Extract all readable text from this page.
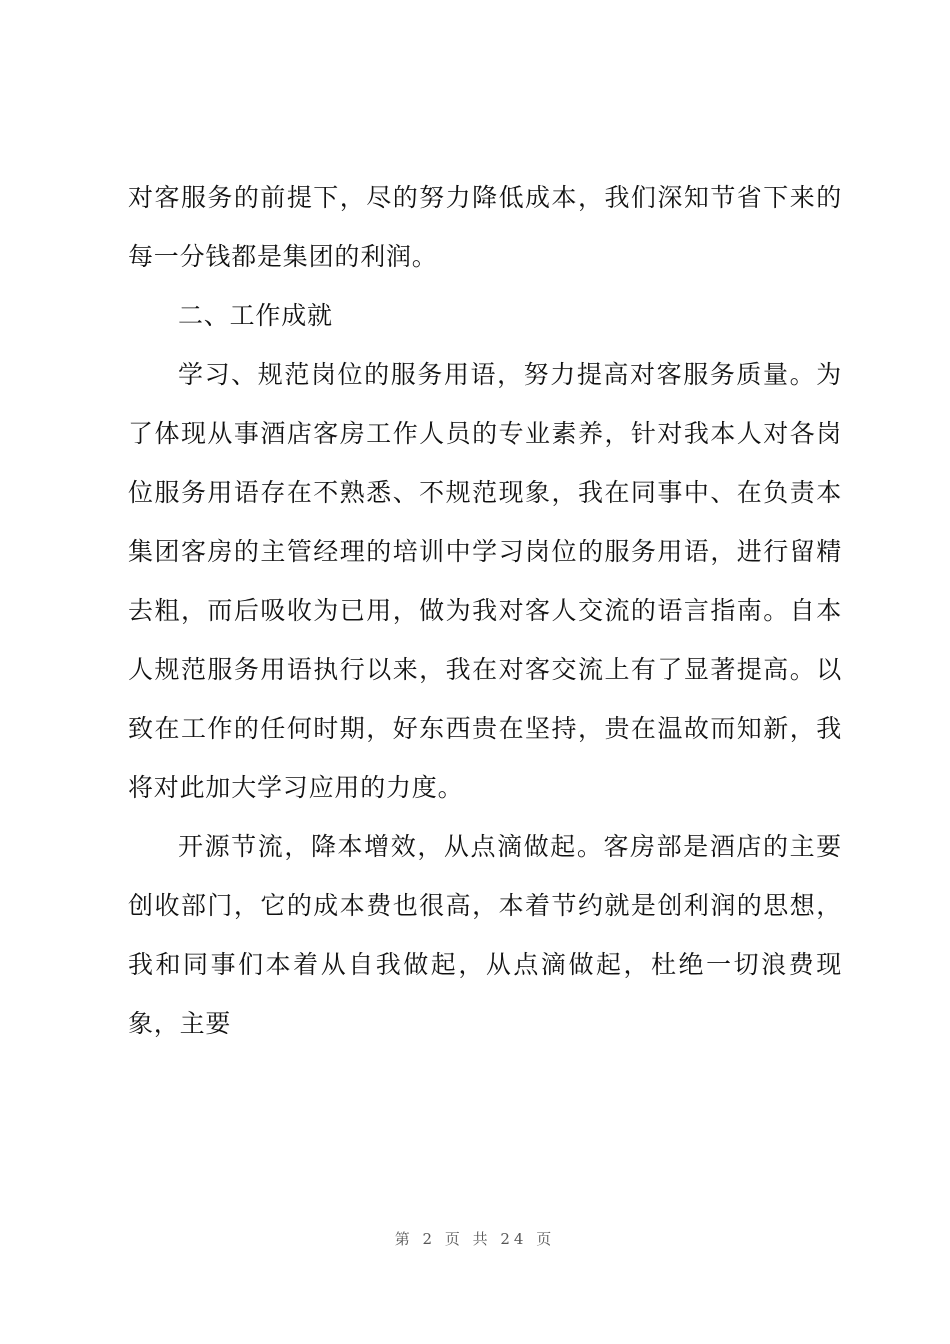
对客服务的前提下，尽的努力降低成本，我们深知节省下来的每一分钱都是集团的利润。

二、工作成就

学习、规范岗位的服务用语，努力提高对客服务质量。为了体现从事酒店客房工作人员的专业素养，针对我本人对各岗位服务用语存在不熟悉、不规范现象，我在同事中、在负责本集团客房的主管经理的培训中学习岗位的服务用语，进行留精去粗，而后吸收为已用，做为我对客人交流的语言指南。自本人规范服务用语执行以来，我在对客交流上有了显著提高。以致在工作的任何时期，好东西贵在坚持，贵在温故而知新，我将对此加大学习应用的力度。

开源节流，降本增效，从点滴做起。客房部是酒店的主要创收部门，它的成本费也很高，本着节约就是创利润的思想，我和同事们本着从自我做起，从点滴做起，杜绝一切浪费现象，主要

第 2 页 共 24 页
